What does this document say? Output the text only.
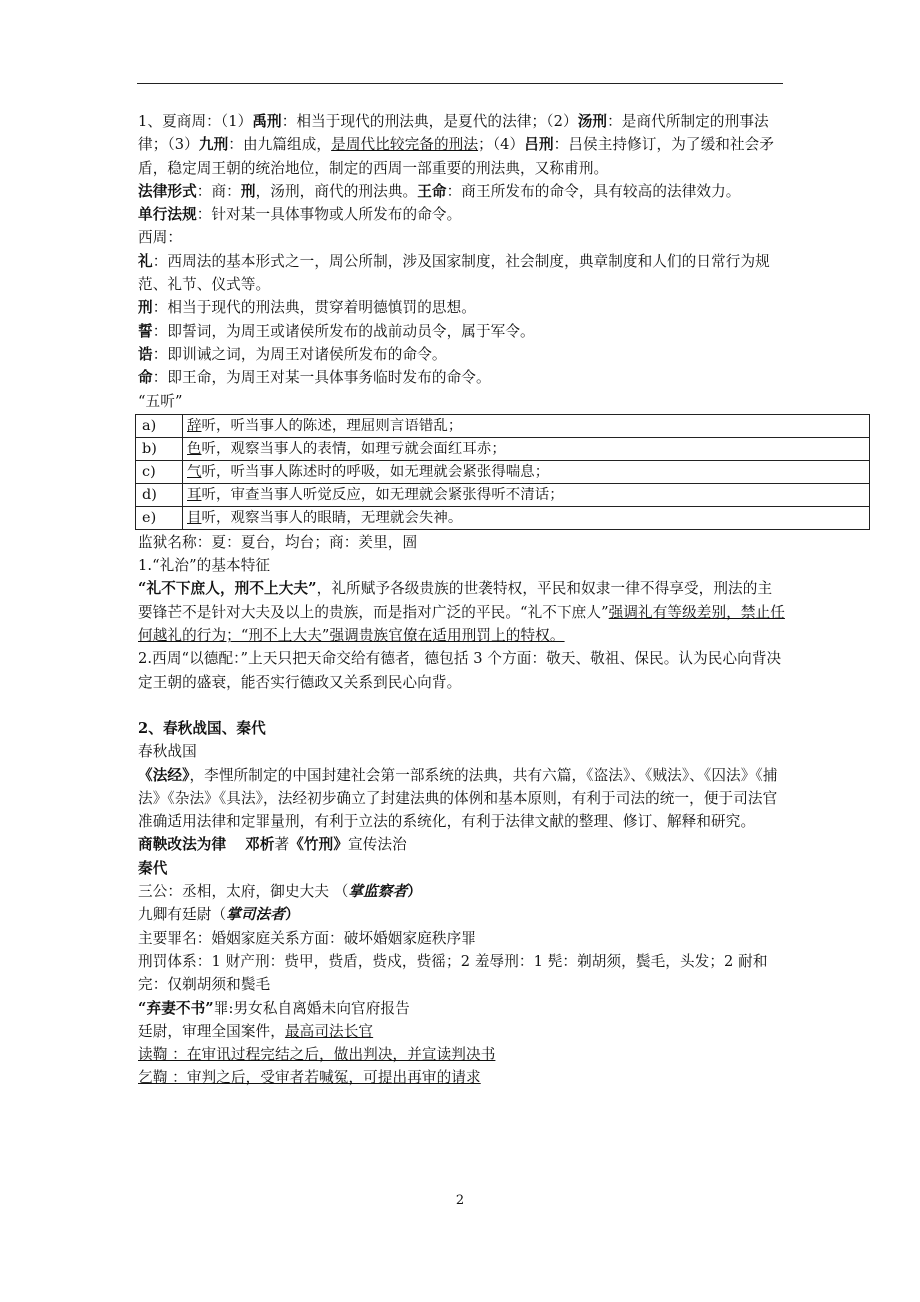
1、夏商周：（1）禹刑：相当于现代的刑法典，是夏代的法律；（2）汤刑：是商代所制定的刑事法律；（3）九刑：由九篇组成，是周代比较完备的刑法；（4）吕刑：吕侯主持修订，为了缓和社会矛盾，稳定周王朝的统治地位，制定的西周一部重要的刑法典，又称甫刑。

法律形式：商：刑，汤刑，商代的刑法典。王命：商王所发布的命令，具有较高的法律效力。

单行法规：针对某一具体事物或人所发布的命令。

西周：

礼：西周法的基本形式之一，周公所制，涉及国家制度，社会制度，典章制度和人们的日常行为规范、礼节、仪式等。

刑：相当于现代的刑法典，贯穿着明德慎罚的思想。

誓：即誓词，为周王或诸侯所发布的战前动员令，属于军令。

诰：即训诫之词，为周王对诸侯所发布的命令。

命：即王命，为周王对某一具体事务临时发布的命令。

“五听”

a)	辞听，听当事人的陈述，理屈则言语错乱；
b)	色听，观察当事人的表情，如理亏就会面红耳赤；
c)	气听，听当事人陈述时的呼吸，如无理就会紧张得喘息；
d)	耳听，审查当事人听觉反应，如无理就会紧张得听不清话；
e)	目听，观察当事人的眼睛，无理就会失神。

监狱名称：夏：夏台，均台；商：羑里，圄

1.“礼治”的基本特征

“礼不下庶人，刑不上大夫”，礼所赋予各级贵族的世袭特权，平民和奴隶一律不得享受，刑法的主要锋芒不是针对大夫及以上的贵族，而是指对广泛的平民。“礼不下庶人”强调礼有等级差别，禁止任何越礼的行为；“刑不上大夫”强调贵族官僚在适用刑罚上的特权。

2.西周“以德配：”上天只把天命交给有德者，德包括 3 个方面：敬天、敬祖、保民。认为民心向背决定王朝的盛衰，能否实行德政又关系到民心向背。

2、春秋战国、秦代

春秋战国

《法经》，李悝所制定的中国封建社会第一部系统的法典，共有六篇，《盗法》、《贼法》、《囚法》《捕法》《杂法》《具法》，法经初步确立了封建法典的体例和基本原则，有利于司法的统一，便于司法官准确适用法律和定罪量刑，有利于立法的系统化，有利于法律文献的整理、修订、解释和研究。

商鞅改法为律 邓析著《竹刑》宣传法治

秦代

三公：丞相，太府，御史大夫 （掌监察者）

九卿有廷尉（掌司法者）

主要罪名：婚姻家庭关系方面：破坏婚姻家庭秩序罪

刑罚体系：1 财产刑：赀甲，赀盾，赀戍，赀徭；2 羞辱刑：1 髡：剃胡须，鬓毛，头发；2 耐和完：仅剃胡须和鬓毛

“弃妻不书”罪:男女私自离婚未向官府报告

廷尉，审理全国案件，最高司法长官

读鞫 ：在审讯过程完结之后，做出判决，并宣读判决书

乞鞫 ：审判之后，受审者若喊冤，可提出再审的请求

2
